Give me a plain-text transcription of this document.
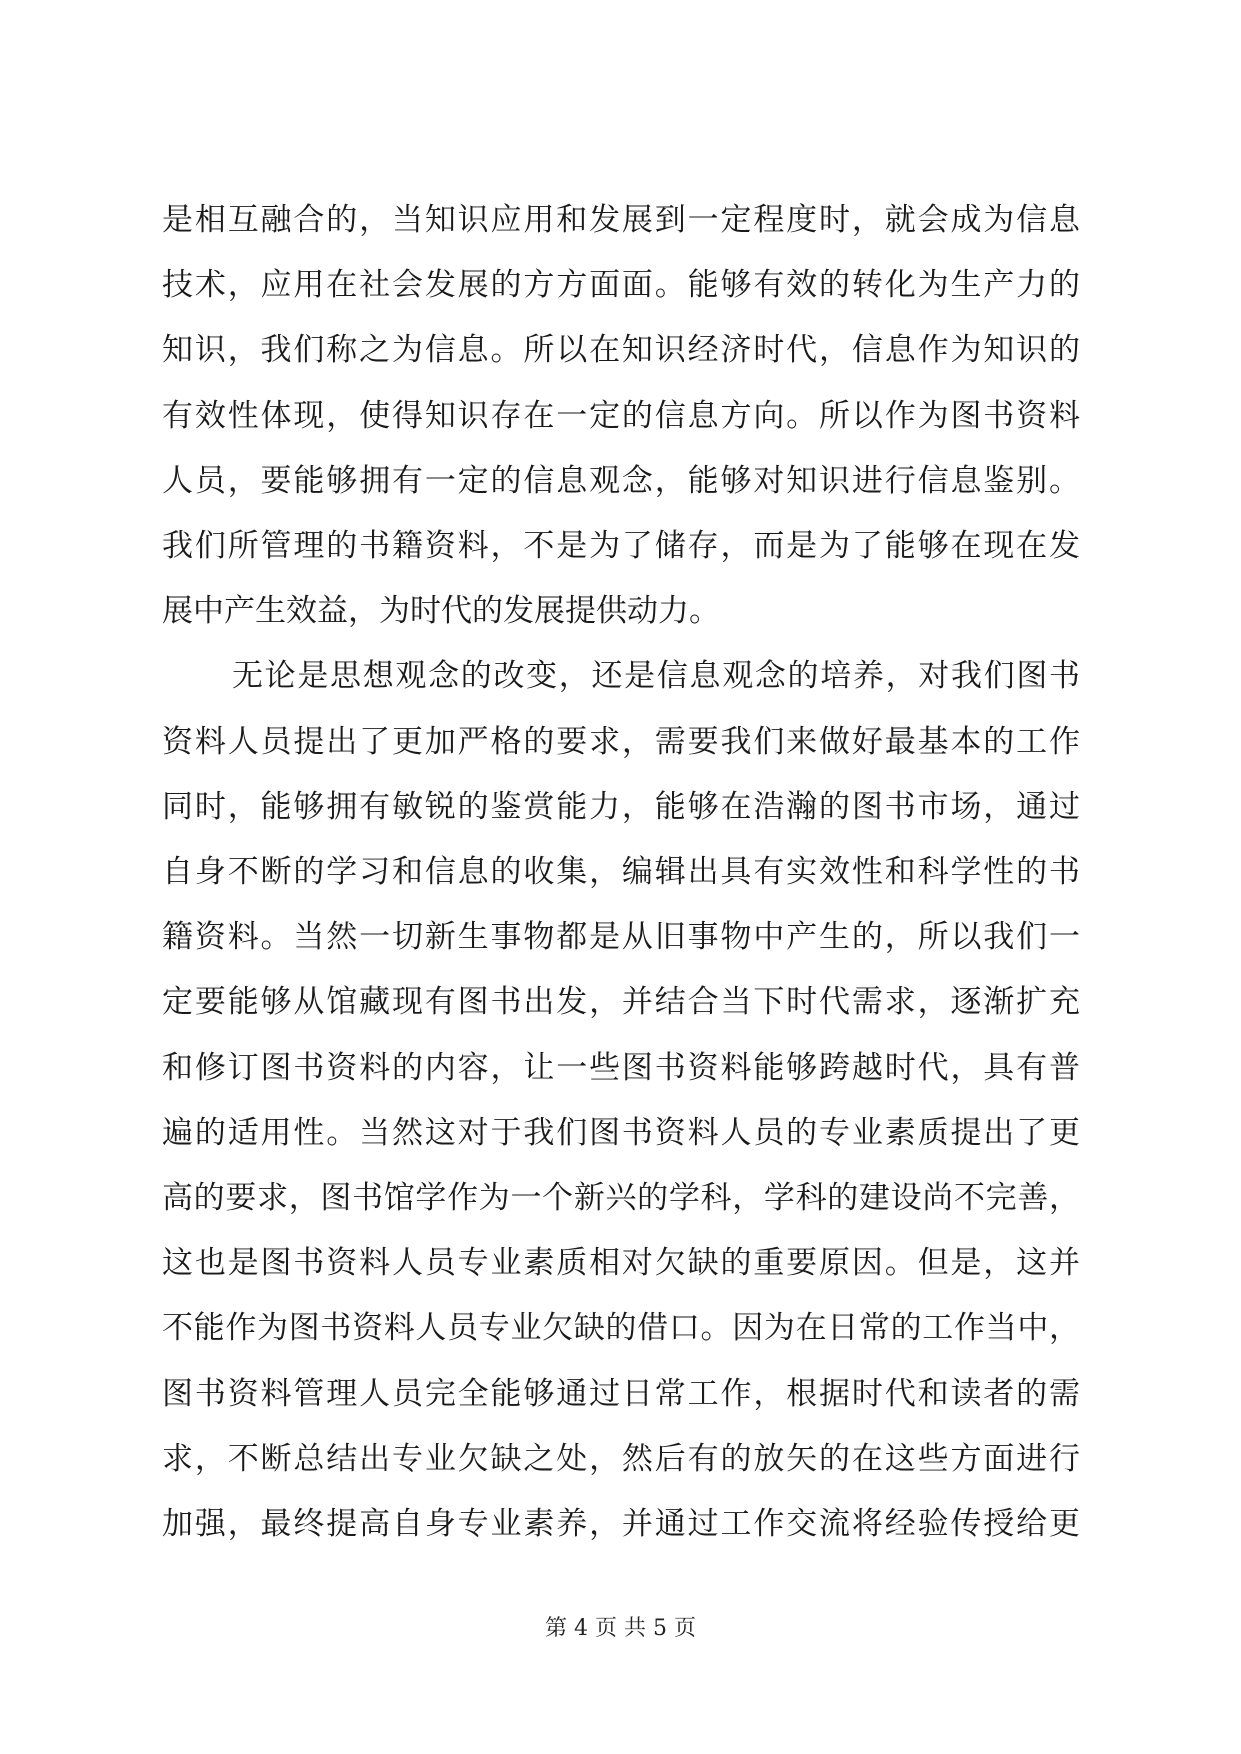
是相互融合的，当知识应用和发展到一定程度时，就会成为信息
技术，应用在社会发展的方方面面。能够有效的转化为生产力的
知识，我们称之为信息。所以在知识经济时代，信息作为知识的
有效性体现，使得知识存在一定的信息方向。所以作为图书资料
人员，要能够拥有一定的信息观念，能够对知识进行信息鉴别。
我们所管理的书籍资料，不是为了储存，而是为了能够在现在发
展中产生效益，为时代的发展提供动力。
无论是思想观念的改变，还是信息观念的培养，对我们图书
资料人员提出了更加严格的要求，需要我们来做好最基本的工作
同时，能够拥有敏锐的鉴赏能力，能够在浩瀚的图书市场，通过
自身不断的学习和信息的收集，编辑出具有实效性和科学性的书
籍资料。当然一切新生事物都是从旧事物中产生的，所以我们一
定要能够从馆藏现有图书出发，并结合当下时代需求，逐渐扩充
和修订图书资料的内容，让一些图书资料能够跨越时代，具有普
遍的适用性。当然这对于我们图书资料人员的专业素质提出了更
高的要求，图书馆学作为一个新兴的学科，学科的建设尚不完善，
这也是图书资料人员专业素质相对欠缺的重要原因。但是，这并
不能作为图书资料人员专业欠缺的借口。因为在日常的工作当中，
图书资料管理人员完全能够通过日常工作，根据时代和读者的需
求，不断总结出专业欠缺之处，然后有的放矢的在这些方面进行
加强，最终提高自身专业素养，并通过工作交流将经验传授给更
第 4 页 共 5 页
